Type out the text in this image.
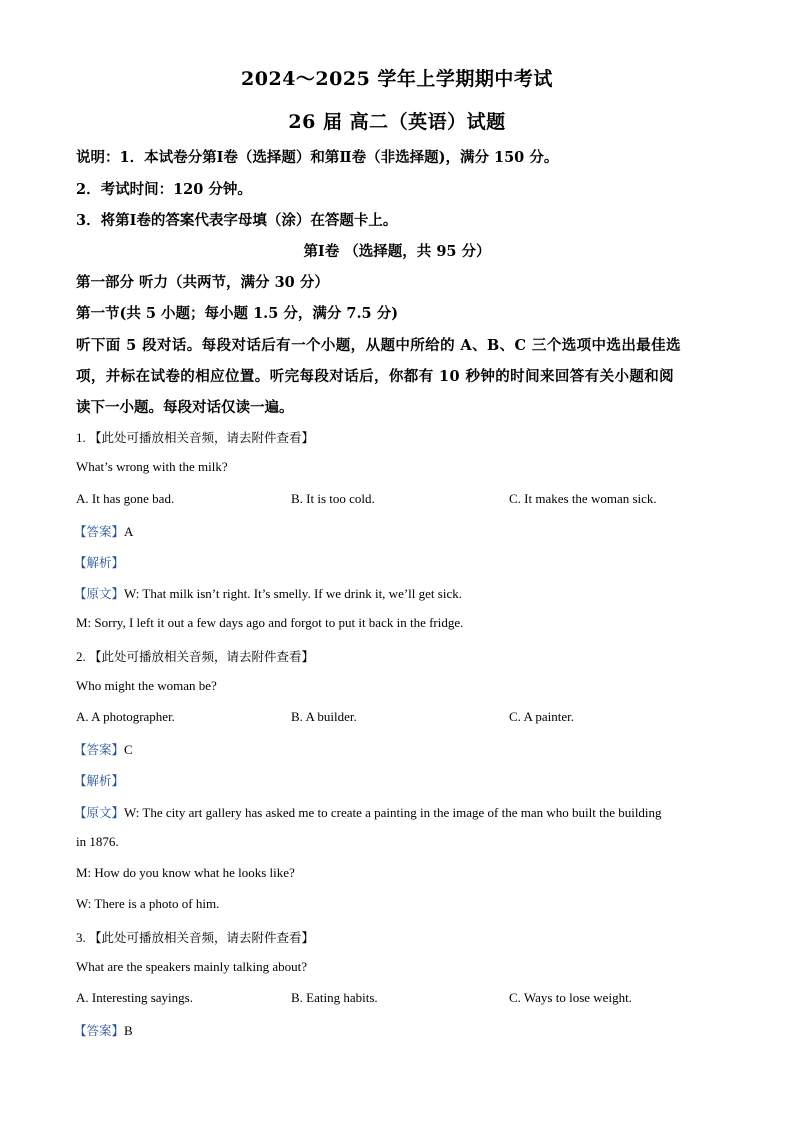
2024～2025 学年上学期期中考试
26 届 高二（英语）试题
说明：1．本试卷分第Ⅰ卷（选择题）和第Ⅱ卷（非选择题)，满分 150 分。
2．考试时间：120 分钟。
3．将第Ⅰ卷的答案代表字母填（涂）在答题卡上。
第Ⅰ卷 （选择题，共 95 分）
第一部分 听力（共两节，满分 30 分）
第一节(共 5 小题；每小题 1.5 分，满分 7.5 分)
听下面 5 段对话。每段对话后有一个小题，从题中所给的 A、B、C 三个选项中选出最佳选
项，并标在试卷的相应位置。听完每段对话后，你都有 10 秒钟的时间来回答有关小题和阅
读下一小题。每段对话仅读一遍。
1. 【此处可播放相关音频，请去附件查看】
What’s wrong with the milk?
A. It has gone bad.	B. It is too cold.	C. It makes the woman sick.
【答案】A
【解析】
【原文】W: That milk isn’t right. It’s smelly. If we drink it, we’ll get sick.
M: Sorry, I left it out a few days ago and forgot to put it back in the fridge.
2. 【此处可播放相关音频，请去附件查看】
Who might the woman be?
A. A photographer.	B. A builder.	C. A painter.
【答案】C
【解析】
【原文】W: The city art gallery has asked me to create a painting in the image of the man who built the building
in 1876.
M: How do you know what he looks like?
W: There is a photo of him.
3. 【此处可播放相关音频，请去附件查看】
What are the speakers mainly talking about?
A. Interesting sayings.	B. Eating habits.	C. Ways to lose weight.
【答案】B
